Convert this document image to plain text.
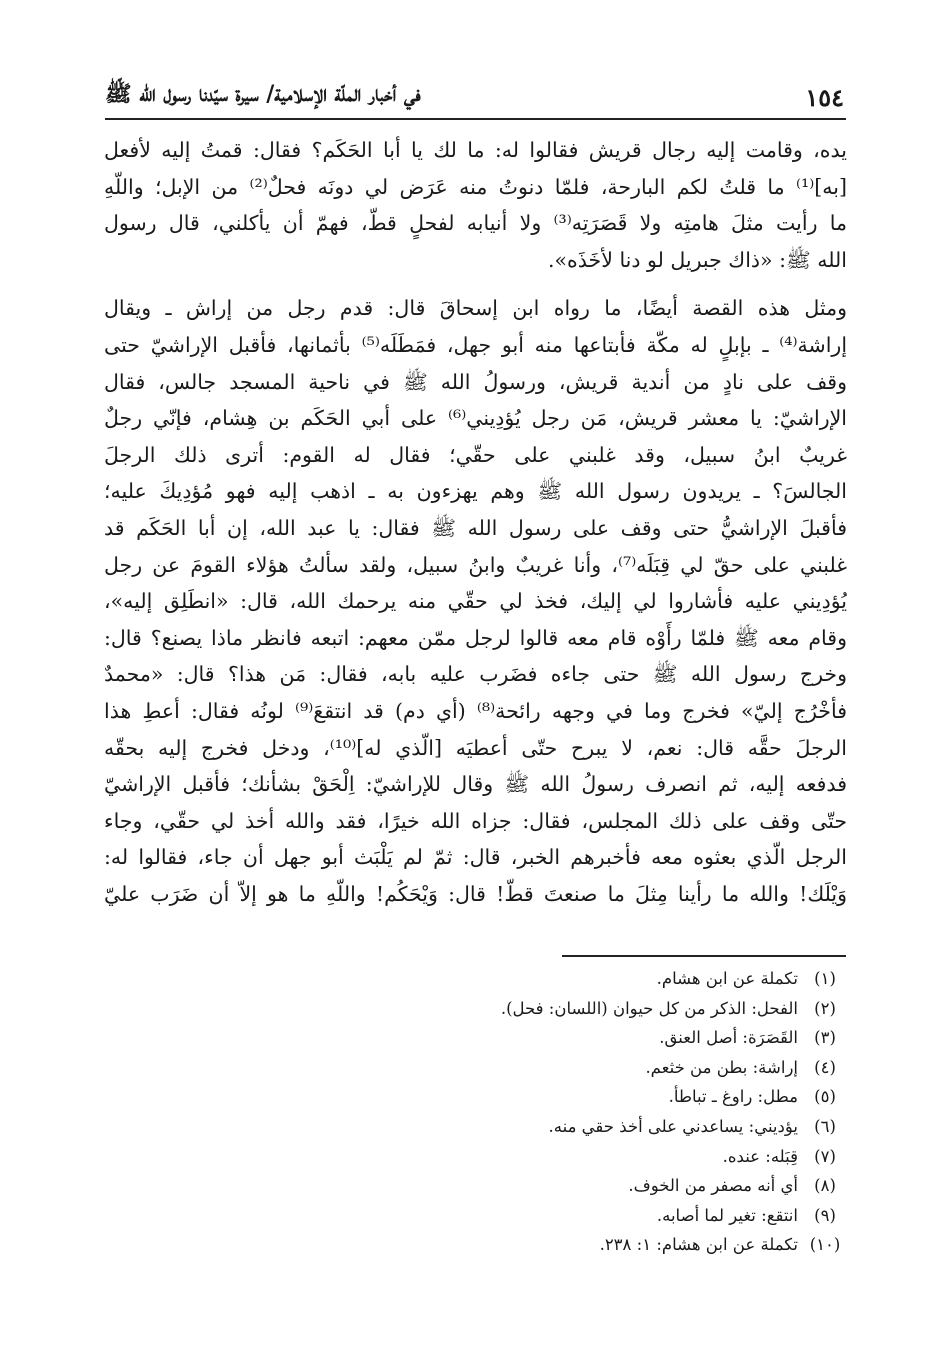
١٥٤
في أخبار الملّة الإسلامية/ سيرة سيّدنا رسول الله ﷺ
يده، وقامت إليه رجال قريش فقالوا له: ما لك يا أبا الحَكَم؟ فقال: قمتُ إليه لأفعل
[به]⁽¹⁾ ما قلتُ لكم البارحة، فلمّا دنوتُ منه عَرَض لي دونَه فحلٌ⁽²⁾ من الإبل؛ واللّهِ
ما رأيت مثلَ هامتِه ولا قَصَرَتِه⁽³⁾ ولا أنيابه لفحلٍ قطّ، فهمّ أن يأكلني، قال رسول
الله ﷺ: «ذاك جبريل لو دنا لأخَذَه».
ومثل هذه القصة أيضًا، ما رواه ابن إسحاقَ قال: قدم رجل من إراش ـ ويقال
إراشة⁽⁴⁾ ـ بإبلٍ له مكّة فأبتاعها منه أبو جهل، فمَطَلَه⁽⁵⁾ بأثمانها، فأقبل الإراشيّ حتى
وقف على نادٍ من أندية قريش، ورسولُ الله ﷺ في ناحية المسجد جالس، فقال
الإراشيّ: يا معشر قريش، مَن رجل يُؤدِيني⁽⁶⁾ على أبي الحَكَم بن هِشام، فإنّي رجلٌ
غريبٌ ابنُ سبيل، وقد غلبني على حقّي؛ فقال له القوم: أترى ذلك الرجلَ
الجالسَ؟ ـ يريدون رسول الله ﷺ وهم يهزءون به ـ اذهب إليه فهو مُؤدِيكَ عليه؛
فأقبلَ الإراشيُّ حتى وقف على رسول الله ﷺ فقال: يا عبد الله، إن أبا الحَكَم قد
غلبني على حقّ لي قِبَلَه⁽⁷⁾، وأنا غريبٌ وابنُ سبيل، ولقد سألتُ هؤلاء القومَ عن رجل
يُؤدِيني عليه فأشاروا لي إليك، فخذ لي حقّي منه يرحمك الله، قال: «انطَلِق إليه»،
وقام معه ﷺ فلمّا رأَوْه قام معه قالوا لرجل ممّن معهم: اتبعه فانظر ماذا يصنع؟ قال:
وخرج رسول الله ﷺ حتى جاءه فضَرب عليه بابه، فقال: مَن هذا؟ قال: «محمدٌ
فأخْرُج إليّ» فخرج وما في وجهه رائحة⁽⁸⁾ (أي دم) قد انتقعَ⁽⁹⁾ لونُه فقال: أعطِ هذا
الرجلَ حقَّه قال: نعم، لا يبرح حتّى أعطيَه [الّذي له]⁽¹⁰⁾، ودخل فخرج إليه بحقّه
فدفعه إليه، ثم انصرف رسولُ الله ﷺ وقال للإراشيّ: اِلْحَقْ بشأنك؛ فأقبل الإراشيّ
حتّى وقف على ذلك المجلس، فقال: جزاه الله خيرًا، فقد والله أخذ لي حقّي، وجاء
الرجل الّذي بعثوه معه فأخبرهم الخبر، قال: ثمّ لم يَلْبَث أبو جهل أن جاء، فقالوا له:
وَيْلَك! والله ما رأينا مِثلَ ما صنعتَ قطّ! قال: وَيْحَكُم! واللّهِ ما هو إلاّ أن ضَرَب عليّ
(١)
تكملة عن ابن هشام.
(٢)
الفحل: الذكر من كل حيوان (اللسان: فحل).
(٣)
القَصَرَة: أصل العنق.
(٤)
إراشة: بطن من خثعم.
(٥)
مطل: راوغ ـ تباطأ.
(٦)
يؤديني: يساعدني على أخذ حقي منه.
(٧)
قِبَله: عنده.
(٨)
أي أنه مصفر من الخوف.
(٩)
انتقع: تغير لما أصابه.
(١٠)
تكملة عن ابن هشام: ١: ٢٣٨.
